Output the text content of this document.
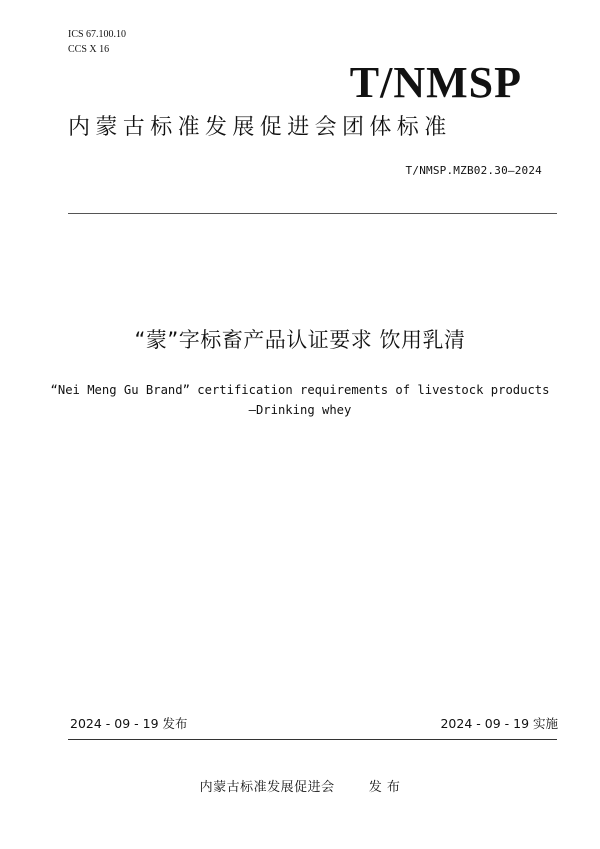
ICS 67.100.10
CCS X 16
T/NMSP
内蒙古标准发展促进会团体标准
T/NMSP.MZB02.30—2024
“蒙”字标畜产品认证要求 饮用乳清
“Nei Meng Gu Brand” certification requirements of livestock products
—Drinking whey
2024 - 09 - 19 发布	2024 - 09 - 19 实施
内蒙古标准发展促进会	发 布
